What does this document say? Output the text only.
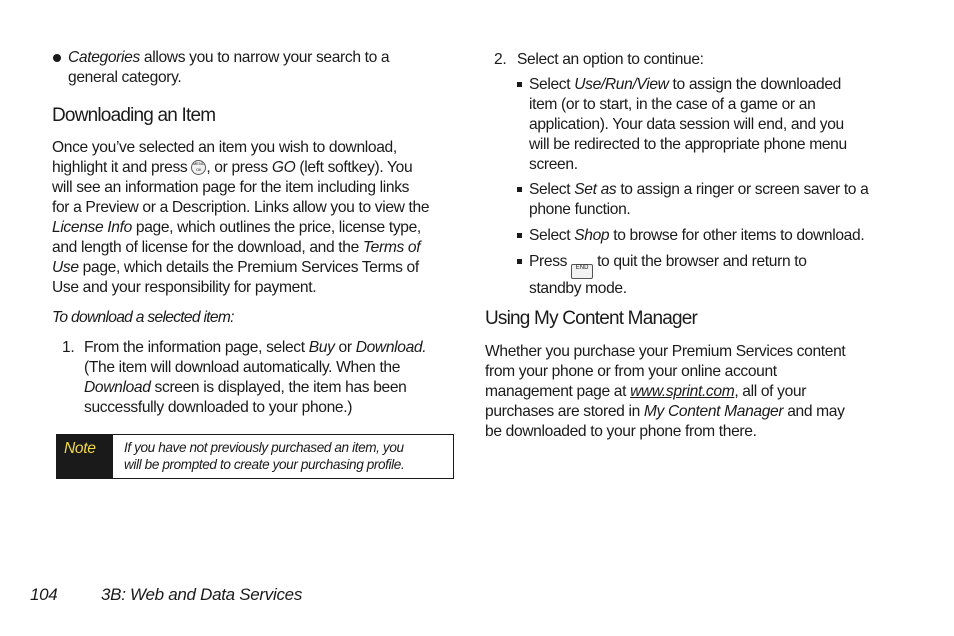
Categories allows you to narrow your search to a
general category.
Downloading an Item
Once you’ve selected an item you wish to download,
highlight it and press MENU OK , or press GO (left softkey). You
will see an information page for the item including links
for a Preview or a Description. Links allow you to view the
License Info page, which outlines the price, license type,
and length of license for the download, and the Terms of
Use page, which details the Premium Services Terms of
Use and your responsibility for payment.
To download a selected item:
1. From the information page, select Buy or Download.
(The item will download automatically. When the
Download screen is displayed, the item has been
successfully downloaded to your phone.)
Note	If you have not previously purchased an item, you
will be prompted to create your purchasing profile.
2. Select an option to continue:
Select Use/Run/View to assign the downloaded
item (or to start, in the case of a game or an
application). Your data session will end, and you
will be redirected to the appropriate phone menu
screen.
Select Set as to assign a ringer or screen saver to a
phone function.
Select Shop to browse for other items to download.
Press END to quit the browser and return to
standby mode.
Using My Content Manager
Whether you purchase your Premium Services content
from your phone or from your online account
management page at www.sprint.com, all of your
purchases are stored in My Content Manager and may
be downloaded to your phone from there.
104	3B: Web and Data Services
